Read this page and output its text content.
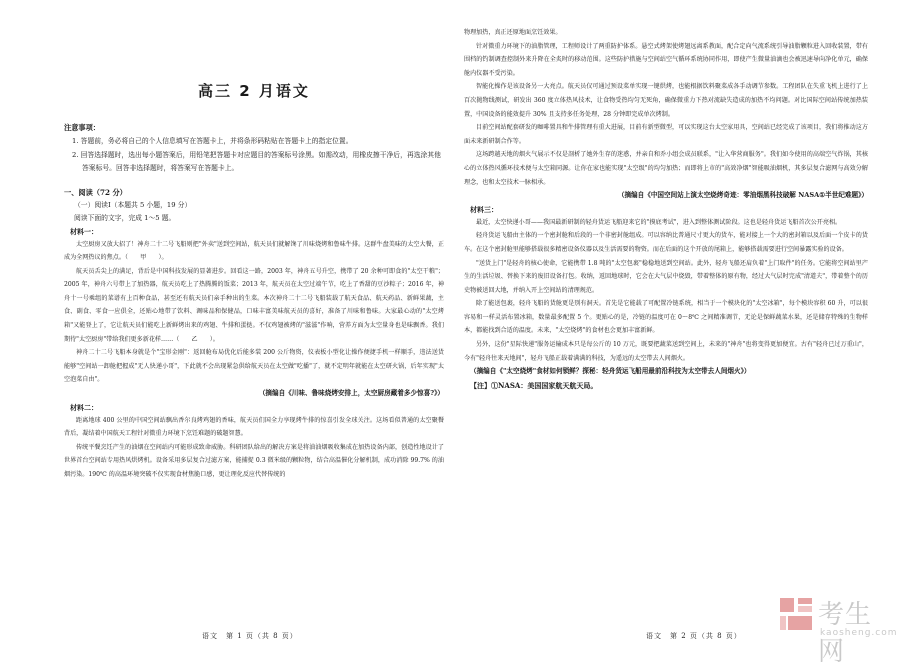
高三 2 月语文

注意事项：

1. 答题前，务必将自己的个人信息填写在答题卡上，并将条形码粘贴在答题卡上的指定位置。

2. 回答选择题时，选出每小题答案后，用铅笔把答题卡对应题目的答案标号涂黑。如需改动，用橡皮擦干净后，再选涂其他答案标号。回答非选择题时，将答案写在答题卡上。

一、阅读（72 分）

（一）阅读Ⅰ（本题共 5 小题，19 分）

阅读下面的文字，完成 1～5 题。

材料一：

太空厨房又放大招了！神舟二十二号飞船则把"外卖"送到空间站，航天员们就解馋了川味烧烤和鲁味牛排。这群牛盘美味的太空大餐，正成为全网热议的焦点。（　　甲　　）。

航天员舌尖上的满足，背后是中国科技发展的显著进步。回看这一路，2003 年，神舟五号升空，携带了 20 余种可即食的"太空干粮"；2005 年，神舟六号带上了加热器，航天员吃上了热腾腾的饭菜；2013 年，航天员在太空过端午节，吃上了香甜的豆沙粽子；2016 年，神舟十一号乘组的菜谱有上百种食品，甚至还有航天员们亲手种出的生菜。本次神舟二十二号飞船装载了航天食品、航天药品、新鲜果蔬，主食、副食、零食一应俱全，还贴心地带了饮料、调味品和保健品，口味丰富美味航天员的喜好，准备了川味和鲁味。大家最心动的"太空烤箱"又能登上了，它让航天员们能吃上新鲜烤出来的鸡翅、牛排和蛋挞。不仅鸡翅被烤的"滋滋"作响，营养方面为太空量身也是味飘香。我们期待"太空厨房"带给我们更多新花样……（　　乙　　）。

神舟二十二号飞船本身就是个"宝形金刚"：返回舱布局优化后能多装 200 公斤物资，仪表板小型化让操作便捷手机一样顺手，违法送货能够"空间站一卸舱把握成"无人快递小哥"，下此就不会出现紧急供给航天员在太空做"吃播"了，就不定明年就能在太空研火锅，后年实现"太空泡菜自由"。

（摘编自《川味、鲁味烧烤安排上，太空厨房藏着多少惊喜?》）

材料二：

距离地球 400 公里的中国空间站飘出香尔良烤鸡翅的香味，航天员们国全力享现烤牛排的惊喜引发全球关注。这场看似普通的太空聚餐背后，凝结着中国航天工程针对微重力环境下烹饪难题的破题智慧。

传统平餐烹饪产生的油烟在空间站内可能形成致命威胁。科研团队给出的解决方案是将油油烟吸收集成在加热设备内部，创造性地设计了世界首台空间站专用热风烘烤机。设备采用多层复合过滤方案，能捕捉 0.3 微米级的颗粒物，结合高温催化分解机制，成功消除 99.7% 的油烟污染。190℃ 的高温环境突破不仅实现食材焦脆口感，更让理化反应代替传统的

语文　第 1 页（共 8 页）

物理加热，真正还原地面烹饪效果。

针对微重力环境下的油脂管理，工程师设计了两重防护体系。悬空式烤架使烤翅远离系教面，配合定向气流系统引导油脂颗粒进入回收装置，带有围档的钓制调查控制外来升降在全炙时的移动范围。这些防护措施与空间站空气循环系统协同作用，即使产生微量油滴也会被迅速导向净化单元，确保舱内仪器不受污染。

智能化操作是该设备另一大亮点。航天员仅可通过预设菜单实现一键烘烤，也能根据饮料聚菜成各手动调节参数。工程团队在失重飞机上进行了上百次抛物线测试，研发出 360 度立体热风技术，让食物受热均匀无死角，确保微重力下热对流缺失造成的加热不均问题。对比国际空间站传统加热装置，中国设备的能效提升 30% 且支持多任务处理，28 分钟即完成单次烤制。

目前空间站配套研发的咖啡置具和牛排管理有重大进展，目前有新型微型，可以实现这台太空家用具，空间站已经完成了该项目，我们将推动这方面未来新研制合作等。

这场跨越天地的烟火气展示不仅是剖析了她外生存的迷惑，并亲自和乔小组会成员联系，"让入华营商服务"。我们如今使用的高端空气炸锅，其核心的立体热风循环技术便与太空箱同源。让你在家也能实现"太空级"的均匀加热；而即将上市的"高效净烟"智能吸油烟机，其多层复合滤网与高效分解理念，也和太空技术一脉相承。

（摘编自《中国空间站上演太空烧烤奇迹：零油烟黑科技破解 NASA①半世纪难题》）

材料三：

最近，太空快递小哥——我国最新研制的轻舟货运飞船迎来它的"摸底考试"，进入到整体测试阶段。这也是轻舟货运飞船首次公开亮相。

轻舟货运飞船由主体的一个密封舱和后段的一个非密封舱组成。可以容纳比普通尺寸更大的货车，能对接上一个大的密封箱以及后面一个皮卡的货车。在这个密封舱里能够搭载很多精密设备仪器以及生活需要的物资。而在后面的这个开放的尾箱上，能够搭载需要进行空间暴露实验的设备。

"送货上门"是轻舟的核心使命，它能携带 1.8 吨的"太空包裹"稳稳地送到空间站。此外，轻舟飞船还肩负着"上门取件"的任务。它能将空间站里产生的生活垃圾、替换下来的废旧设备打包。收纳，返回地球时，它会在大气层中烧毁，带着整体的原有物，经过大气层时完成"清道夫"，带着整个的历史物被送回大地，并纳入开上空间站的清理规范。

除了能送包裹，轻舟飞船的货舱更是别有洞天。首先是它能载了可配置冷链系统，相当于一个模块化的"太空冰箱"，每个模块容积 60 升，可以很容易和一样灵活布置冰箱，数量最多配置 5 个。更贴心的是，冷链的温度可在 0～8℃ 之间精准调节，无论是保鲜蔬菜水果，还是储存特殊的生物样本，都能找到合适的温度。未来，"太空烧烤"的食材也会更加丰富新鲜。

另外，这份"星际快递"服务运输成本只是每公斤的 10 万元，既要把蔬菜送到空间上，未来的"神舟"也将变得更加便宜。古有"轻舟已过万重山"，今有"轻舟往来天地间"，轻舟飞船正载着满满的科技，为遥远的太空带去人间烟火。

（摘编自《"太空烧烤"食材如何锁鲜？探秘：轻舟货运飞船用最前沿科技为太空带去人间烟火》）

【注】①NASA：美国国家航天航天局。

语文　第 2 页（共 8 页）
考生网
kaosheng.com
